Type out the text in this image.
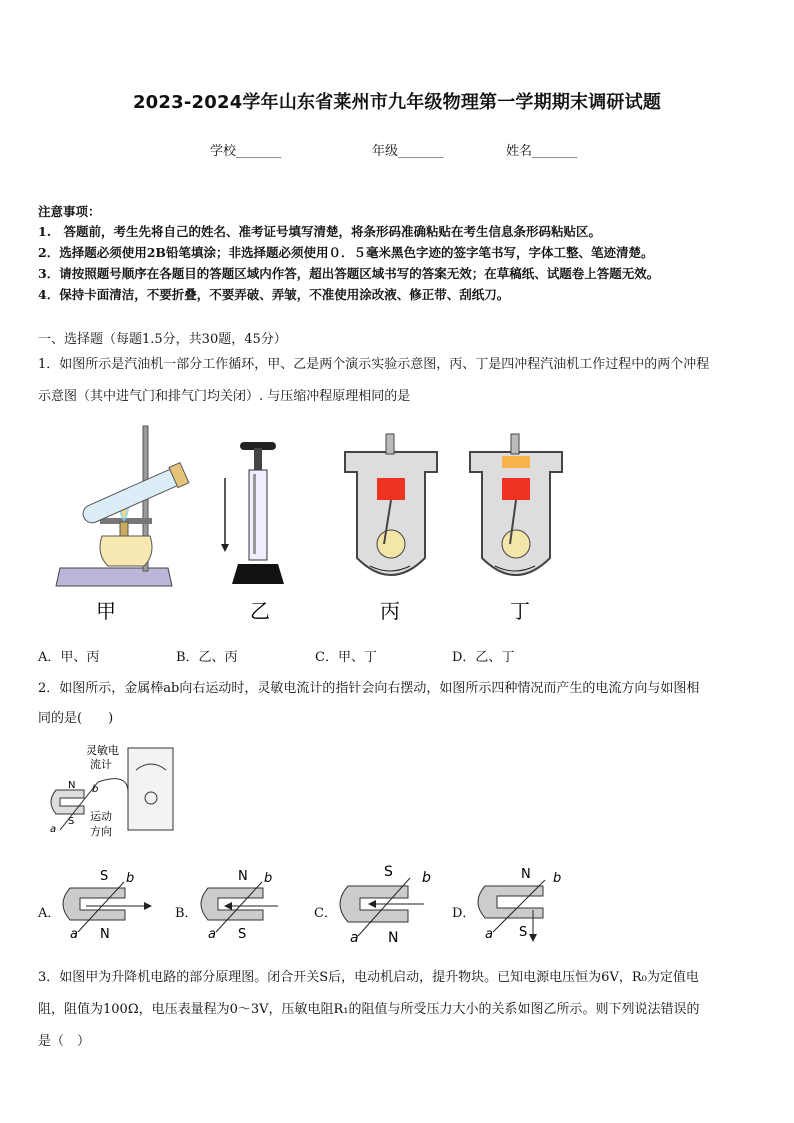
2023-2024学年山东省莱州市九年级物理第一学期期末调研试题
学校_______	年级_______	姓名_______
注意事项：
1.　答题前，考生先将自己的姓名、准考证号填写清楚，将条形码准确粘贴在考生信息条形码粘贴区。
2．选择题必须使用2B铅笔填涂；非选择题必须使用０．５毫米黑色字迹的签字笔书写，字体工整、笔迹清楚。
3．请按照题号顺序在各题目的答题区域内作答，超出答题区域书写的答案无效；在草稿纸、试题卷上答题无效。
4．保持卡面清洁，不要折叠，不要弄破、弄皱，不准使用涂改液、修正带、刮纸刀。
一、选择题（每题1.5分，共30题，45分）
1．如图所示是汽油机一部分工作循环，甲、乙是两个演示实验示意图，丙、丁是四冲程汽油机工作过程中的两个冲程
示意图（其中进气门和排气门均关闭）. 与压缩冲程原理相同的是
甲	乙	丙	丁
A．甲、丙	B．乙、丙	C．甲、丁	D．乙、丁
2．如图所示，金属棒ab向右运动时，灵敏电流计的指针会向右摆动，如图所示四种情况而产生的电流方向与如图相
同的是(　　)
灵敏电
流计
N
S
a
b
运动
方向
A．
S
N
a
b
B．
N
S
a
b
C．
S
N
a
b
D．
N
S
a
b
3．如图甲为升降机电路的部分原理图。闭合开关S后，电动机启动，提升物块。已知电源电压恒为6V，R₀为定值电
阻，阻值为100Ω，电压表量程为0～3V，压敏电阻R₁的阻值与所受压力大小的关系如图乙所示。则下列说法错误的
是（　）
